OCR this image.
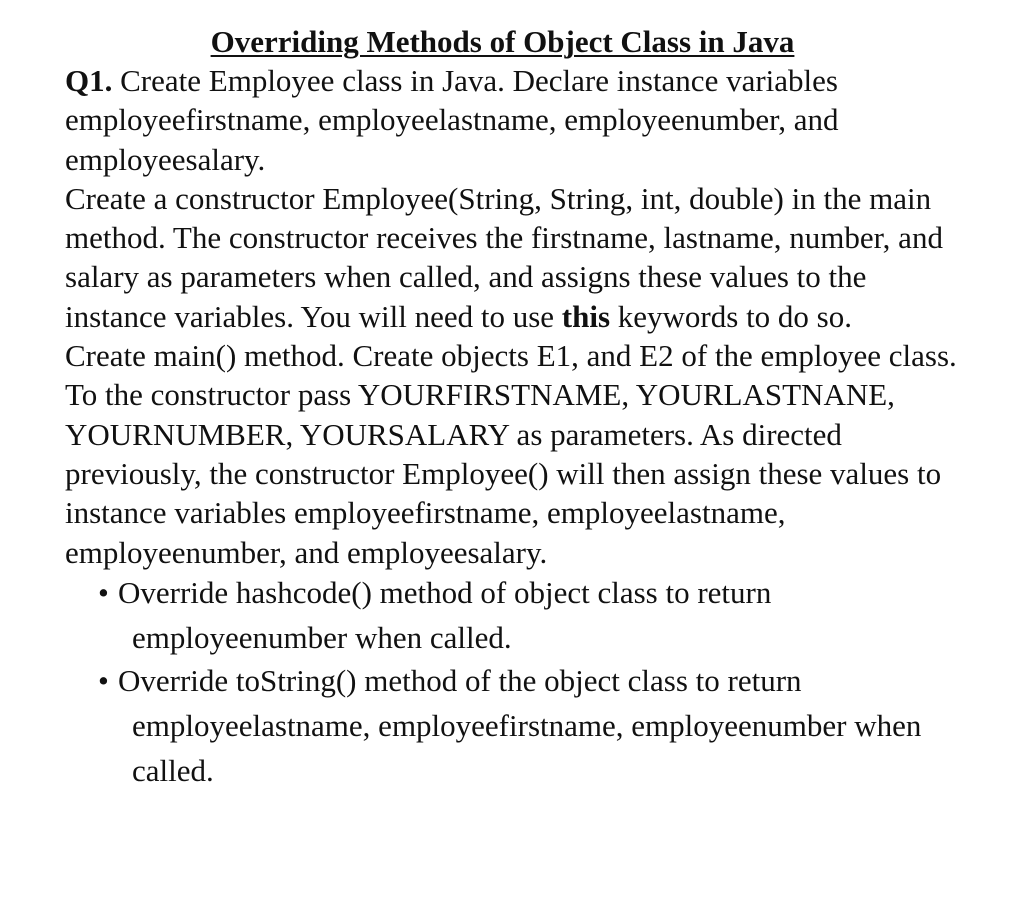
Overriding Methods of Object Class in Java

Q1. Create Employee class in Java. Declare instance variables employeefirstname, employeelastname, employeenumber, and employeesalary.

Create a constructor Employee(String, String, int, double) in the main method. The constructor receives the firstname, lastname, number, and salary as parameters when called, and assigns these values to the instance variables. You will need to use this keywords to do so.

Create main() method. Create objects E1, and E2 of the employee class. To the constructor pass YOURFIRSTNAME, YOURLASTNANE, YOURNUMBER, YOURSALARY as parameters. As directed previously, the constructor Employee() will then assign these values to instance variables employeefirstname, employeelastname, employeenumber, and employeesalary.

• Override hashcode() method of object class to return
employeenumber when called.
• Override toString() method of the object class to return
employeelastname, employeefirstname, employeenumber when called.
